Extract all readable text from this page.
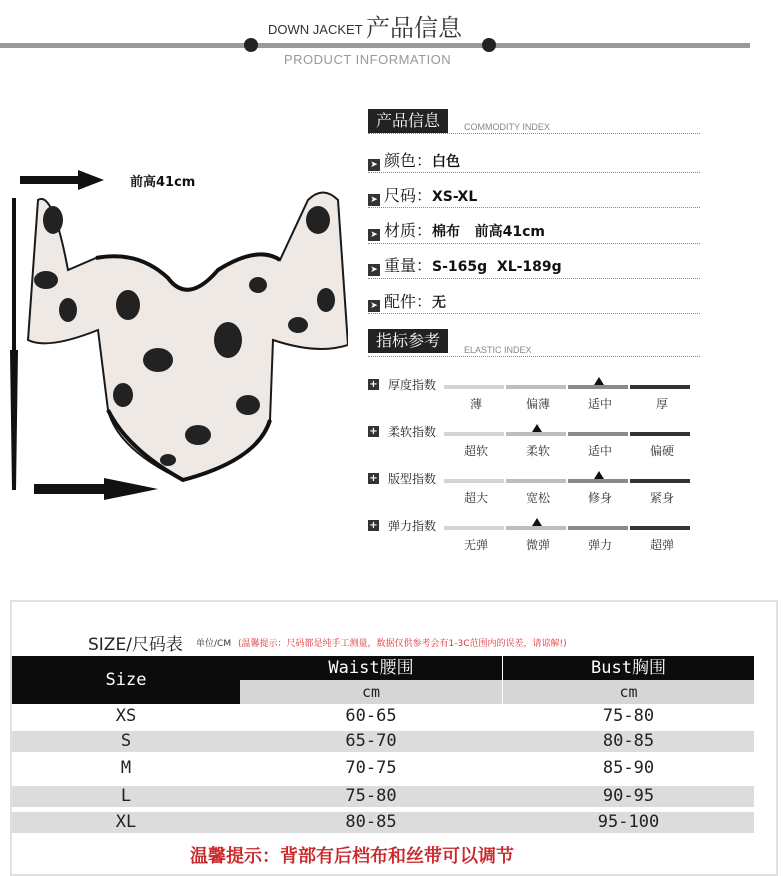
DOWN JACKET 产品信息
PRODUCT INFORMATION
前高41cm
产品信息	COMMODITY INDEX
➤ 颜色：白色
➤ 尺码：XS-XL
➤ 材质：棉布   前高41cm
➤ 重量：S-165g  XL-189g
➤ 配件：无
指标参考	ELASTIC INDEX
+ 厚度指数
薄	偏薄	适中	厚
+ 柔软指数
超软	柔软	适中	偏硬
+ 版型指数
超大	宽松	修身	紧身
+ 弹力指数
无弹	微弹	弹力	超弹
SIZE/尺码表 单位/CM (温馨提示：尺码都是纯手工测量，数据仅供参考会有1-3C范围内的误差，请谅解!)
Size
Waist腰围	Bust胸围
cm	cm
XS	60-65	75-80
S	65-70	80-85
M	70-75	85-90
L	75-80	90-95
XL	80-85	95-100
温馨提示：背部有后档布和丝带可以调节
